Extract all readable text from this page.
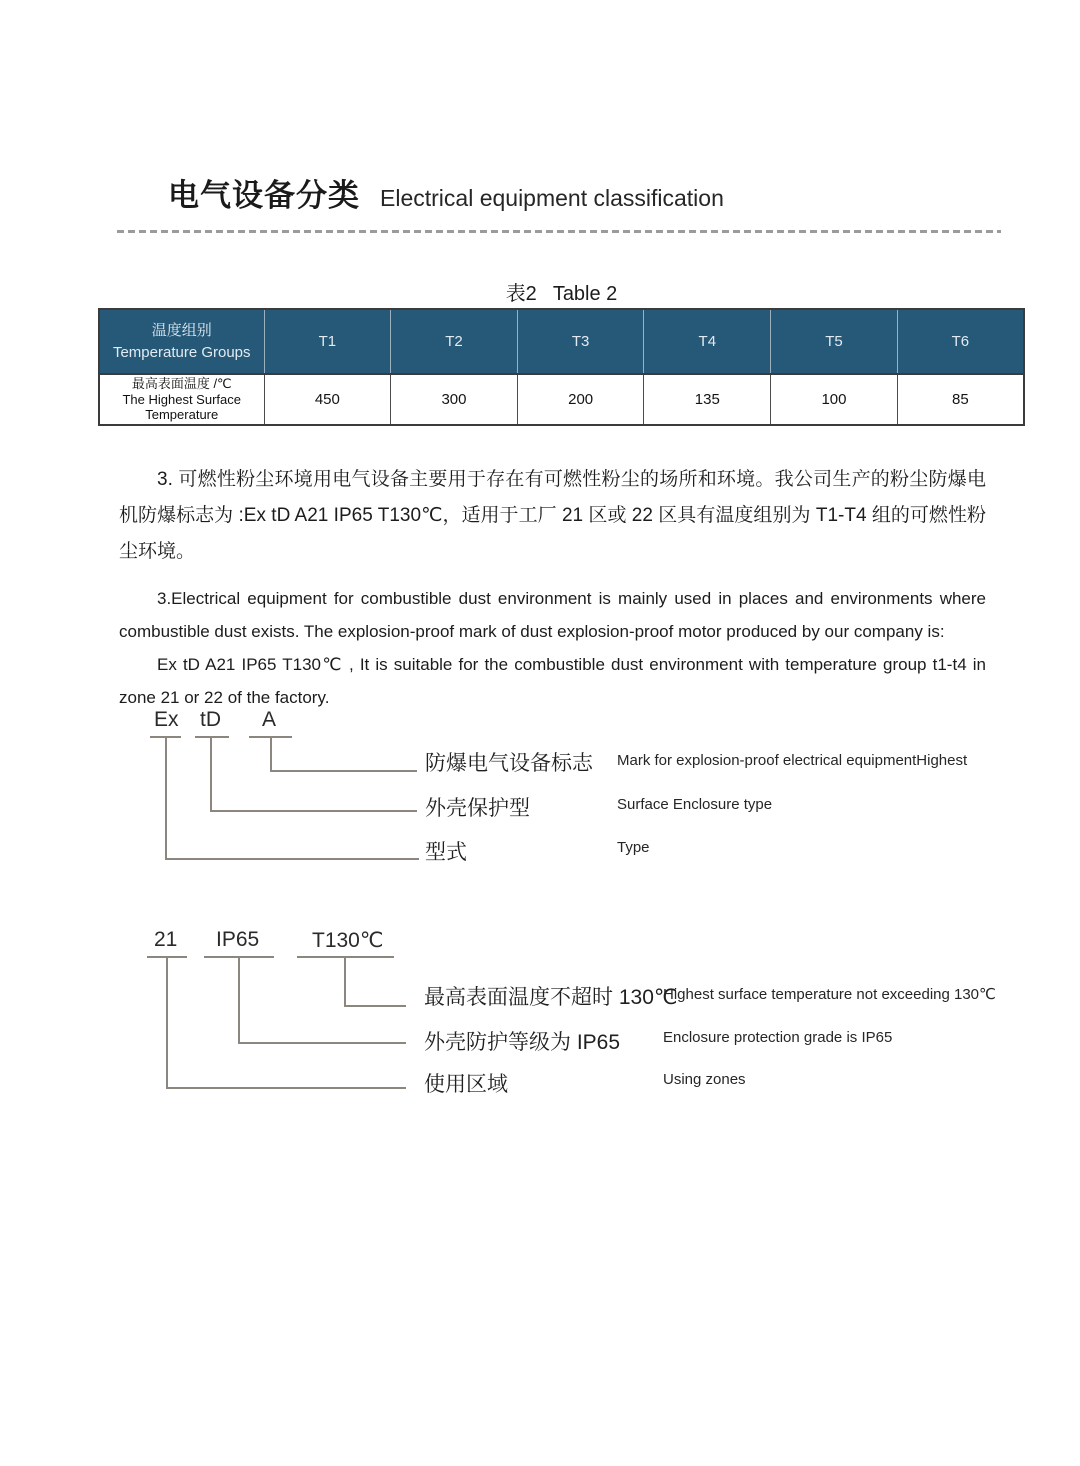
电气设备分类 Electrical equipment classification
表2 Table 2
温度组别
Temperature Groups	T1	T2	T3	T4	T5	T6

最高表面温度 /℃
The Highest Surface
Temperature	450	300	200	135	100	85

3. 可燃性粉尘环境用电气设备主要用于存在有可燃性粉尘的场所和环境。我公司生产的粉尘防爆电机防爆标志为 :Ex tD A21 IP65 T130℃，适用于工厂 21 区或 22 区具有温度组别为 T1-T4 组的可燃性粉尘环境。

3.Electrical equipment for combustible dust environment is mainly used in places and environments where combustible dust exists. The explosion-proof mark of dust explosion-proof motor produced by our company is:

Ex tD A21 IP65 T130℃ , It is suitable for the combustible dust environment with temperature group t1-t4 in zone 21 or 22 of the factory.

Ex tD A
防爆电气设备标志
外壳保护型
型式
Mark for explosion-proof electrical equipmentHighest
Surface Enclosure type
Type
21 IP65	T130℃
最高表面温度不超时 130℃
外壳防护等级为 IP65
使用区域
Highest surface temperature not exceeding 130℃
Enclosure protection grade is IP65
Using zones
